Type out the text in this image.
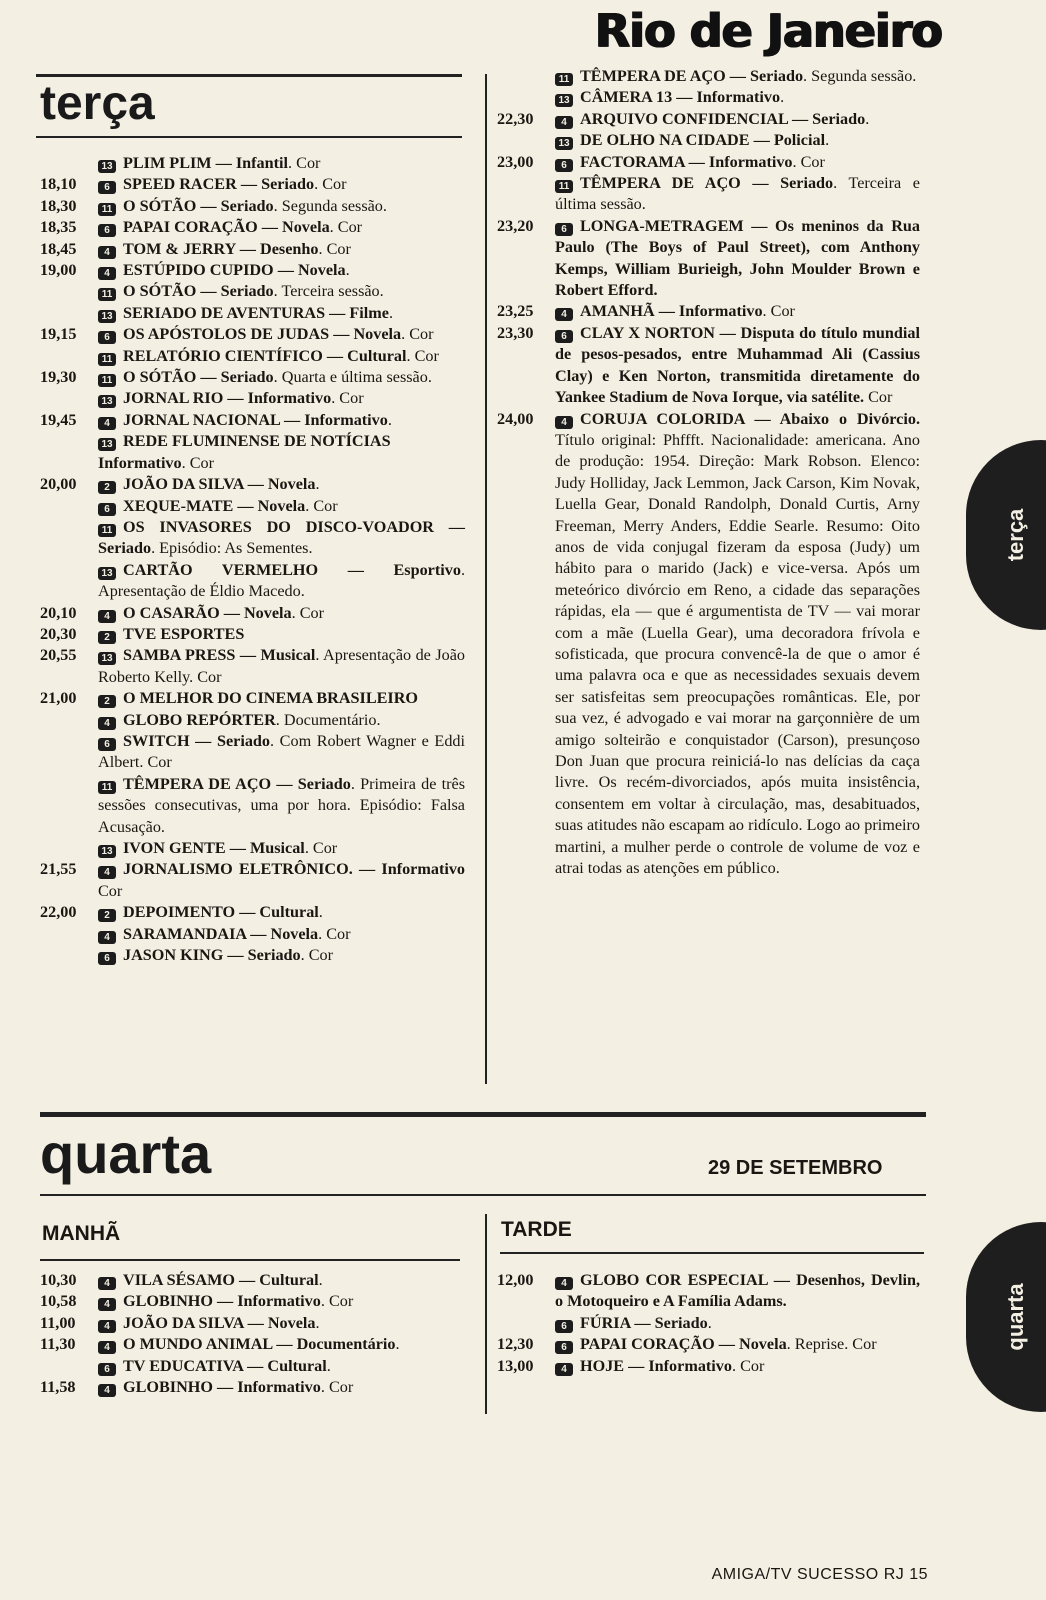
Rio de Janeiro
terça
13 PLIM PLIM — Infantil. Cor
18,10	6 SPEED RACER — Seriado. Cor
18,30	11 O SÓTÃO — Seriado. Segunda sessão.
18,35	6 PAPAI CORAÇÃO — Novela. Cor
18,45	4 TOM & JERRY — Desenho. Cor
19,00	4 ESTÚPIDO CUPIDO — Novela.
11 O SÓTÃO — Seriado. Terceira sessão.
13 SERIADO DE AVENTURAS — Filme.
19,15	6 OS APÓSTOLOS DE JUDAS — Novela. Cor
11 RELATÓRIO CIENTÍFICO — Cultural. Cor
19,30	11 O SÓTÃO — Seriado. Quarta e última sessão.
13 JORNAL RIO — Informativo. Cor
19,45	4 JORNAL NACIONAL — Informativo.
13 REDE FLUMINENSE DE NOTÍCIAS
Informativo. Cor
20,00	2 JOÃO DA SILVA — Novela.
6 XEQUE-MATE — Novela. Cor
11 OS INVASORES DO DISCO-VOADOR — Seriado. Episódio: As Sementes.
13 CARTÃO VERMELHO — Esportivo. Apresentação de Éldio Macedo.
20,10	4 O CASARÃO — Novela. Cor
20,30	2 TVE ESPORTES
20,55	13 SAMBA PRESS — Musical. Apresentação de João Roberto Kelly. Cor
21,00	2 O MELHOR DO CINEMA BRASILEIRO
4 GLOBO REPÓRTER. Documentário.
6 SWITCH — Seriado. Com Robert Wagner e Eddi Albert. Cor
11 TÊMPERA DE AÇO — Seriado. Primeira de três sessões consecutivas, uma por hora. Episódio: Falsa Acusação.
13 IVON GENTE — Musical. Cor
21,55	4 JORNALISMO ELETRÔNICO. — Informativo Cor
22,00	2 DEPOIMENTO — Cultural.
4 SARAMANDAIA — Novela. Cor
6 JASON KING — Seriado. Cor
11 TÊMPERA DE AÇO — Seriado. Segunda sessão.
13 CÂMERA 13 — Informativo.
22,30	4 ARQUIVO CONFIDENCIAL — Seriado.
13 DE OLHO NA CIDADE — Policial.
23,00	6 FACTORAMA — Informativo. Cor
11 TÊMPERA DE AÇO — Seriado. Terceira e última sessão.
23,20	6 LONGA-METRAGEM — Os meninos da Rua Paulo (The Boys of Paul Street), com Anthony Kemps, William Burieigh, John Moulder Brown e Robert Efford.
23,25	4 AMANHÃ — Informativo. Cor
23,30	6 CLAY X NORTON — Disputa do título mundial de pesos-pesados, entre Muhammad Ali (Cassius Clay) e Ken Norton, transmitida diretamente do Yankee Stadium de Nova Iorque, via satélite. Cor
24,00	4 CORUJA COLORIDA — Abaixo o Divórcio. Título original: Phffft. Nacionalidade: americana. Ano de produção: 1954. Direção: Mark Robson. Elenco: Judy Holliday, Jack Lemmon, Jack Carson, Kim Novak, Luella Gear, Donald Randolph, Donald Curtis, Arny Freeman, Merry Anders, Eddie Searle. Resumo: Oito anos de vida conjugal fizeram da esposa (Judy) um hábito para o marido (Jack) e vice-versa. Após um meteórico divórcio em Reno, a cidade das separações rápidas, ela — que é argumentista de TV — vai morar com a mãe (Luella Gear), uma decoradora frívola e sofisticada, que procura convencê-la de que o amor é uma palavra oca e que as necessidades sexuais devem ser satisfeitas sem preocupações românticas. Ele, por sua vez, é advogado e vai morar na garçonnière de um amigo solteirão e conquistador (Carson), presunçoso Don Juan que procura reiniciá-lo nas delícias da caça livre. Os recém-divorciados, após muita insistência, consentem em voltar à circulação, mas, desabituados, suas atitudes não escapam ao ridículo. Logo ao primeiro martini, a mulher perde o controle de volume de voz e atrai todas as atenções em público.
terça
quarta	29 DE SETEMBRO
MANHÃ	TARDE
10,30	4 VILA SÉSAMO — Cultural.
10,58	4 GLOBINHO — Informativo. Cor
11,00	4 JOÃO DA SILVA — Novela.
11,30	4 O MUNDO ANIMAL — Documentário.
6 TV EDUCATIVA — Cultural.
11,58	4 GLOBINHO — Informativo. Cor
12,00	4 GLOBO COR ESPECIAL — Desenhos, Devlin, o Motoqueiro e A Família Adams.
6 FÚRIA — Seriado.
12,30	6 PAPAI CORAÇÃO — Novela. Reprise. Cor
13,00	4 HOJE — Informativo. Cor
quarta
AMIGA/TV SUCESSO RJ 15
